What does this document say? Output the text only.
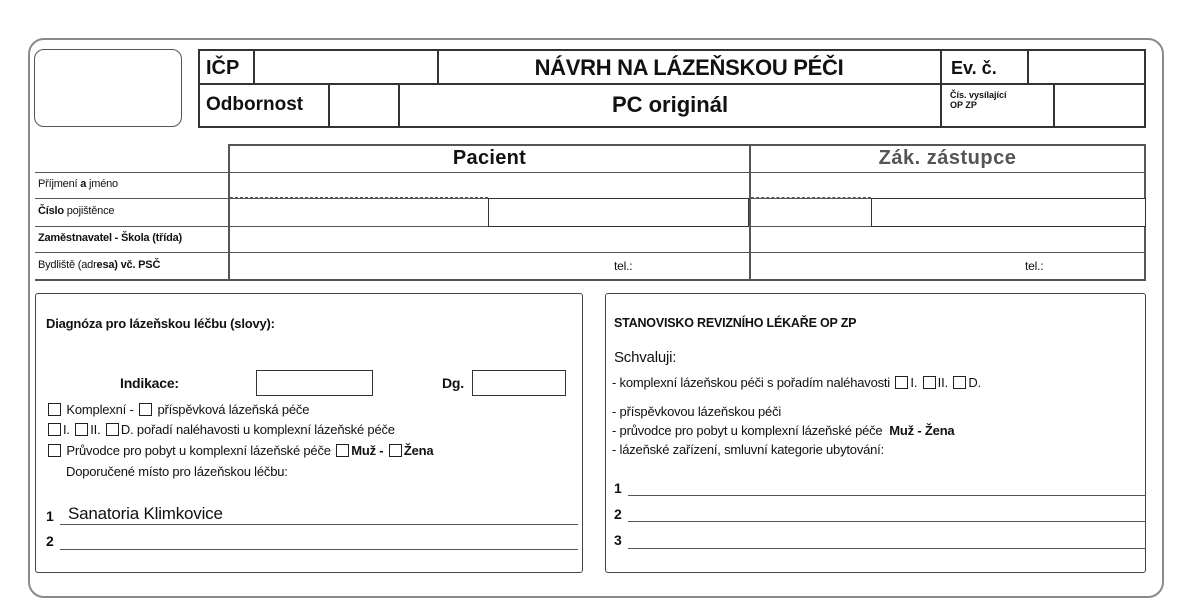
IČP	NÁVRH NA LÁZEŇSKOU PÉČI	Ev. č.
Odbornost	PC originál	Čís. vysílající
OP ZP
Pacient	Zák. zástupce
Příjmení a jméno
Číslo pojištěnce
Zaměstnavatel - Škola (třída)
Bydliště (adresa) vč. PSČ	tel.:	tel.:
Diagnóza pro lázeňskou léčbu (slovy):
Indikace:	Dg.
Komplexní - příspěvková lázeňská péče
I. II. D. pořadí naléhavosti u komplexní lázeňské péče
Průvodce pro pobyt u komplexní lázeňské péče Muž - Žena
Doporučené místo pro lázeňskou léčbu:
1 Sanatoria Klimkovice
2
STANOVISKO REVIZNÍHO LÉKAŘE OP ZP
Schvaluji:
- komplexní lázeňskou péči s pořadím naléhavosti I. II. D.
- příspěvkovou lázeňskou péči
- průvodce pro pobyt u komplexní lázeňské péče Muž - Žena
- lázeňské zařízení, smluvní kategorie ubytování:
1
2
3
